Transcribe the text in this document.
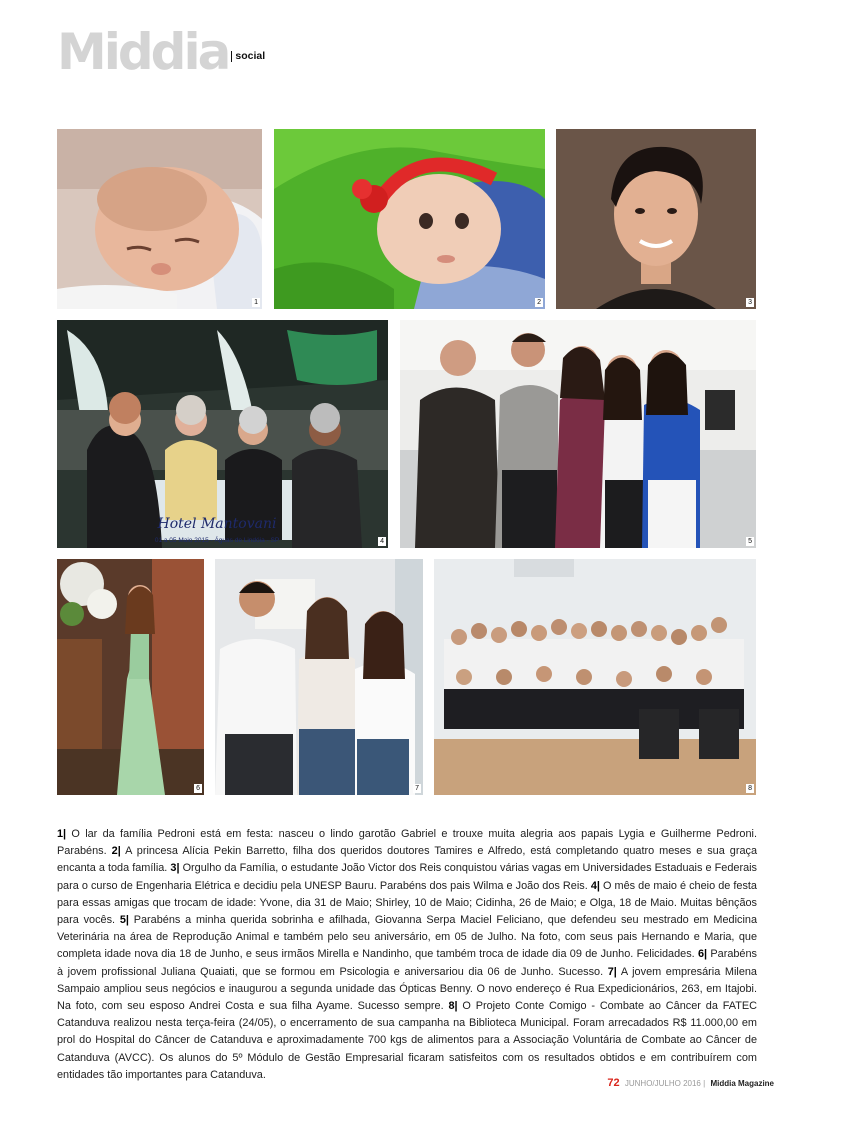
Middia social
1	2	3
Hotel Mantovani
01 a 05 Maio 2015 - Águas de Lindóia - SP	4	5
6	7	8
1| O lar da família Pedroni está em festa: nasceu o lindo garotão Gabriel e trouxe muita alegria aos papais Lygia e Guilherme Pedroni. Parabéns. 2| A princesa Alícia Pekin Barretto, filha dos queridos doutores Tamires e Alfredo, está completando quatro meses e sua graça encanta a toda família. 3| Orgulho da Família, o estudante João Victor dos Reis conquistou várias vagas em Universidades Estaduais e Federais para o curso de Engenharia Elétrica e decidiu pela UNESP Bauru. Parabéns dos pais Wilma e João dos Reis. 4| O mês de maio é cheio de festa para essas amigas que trocam de idade: Yvone, dia 31 de Maio; Shirley, 10 de Maio; Cidinha, 26 de Maio; e Olga, 18 de Maio. Muitas bênçãos para vocês. 5| Parabéns a minha querida sobrinha e afilhada, Giovanna Serpa Maciel Feliciano, que defendeu seu mestrado em Medicina Veterinária na área de Reprodução Animal e também pelo seu aniversário, em 05 de Julho. Na foto, com seus pais Hernando e Maria, que completa idade nova dia 18 de Junho, e seus irmãos Mirella e Nandinho, que também troca de idade dia 09 de Junho. Felicidades. 6| Parabéns à jovem profissional Juliana Quaiati, que se formou em Psicologia e aniversariou dia 06 de Junho. Sucesso. 7| A jovem empresária Milena Sampaio ampliou seus negócios e inaugurou a segunda unidade das Ópticas Benny. O novo endereço é Rua Expedicionários, 263, em Itajobi. Na foto, com seu esposo Andrei Costa e sua filha Ayame. Sucesso sempre. 8| O Projeto Conte Comigo - Combate ao Câncer da FATEC Catanduva realizou nesta terça-feira (24/05), o encerramento de sua campanha na Biblioteca Municipal. Foram arrecadados R$ 11.000,00 em prol do Hospital do Câncer de Catanduva e aproximadamente 700 kgs de alimentos para a Associação Voluntária de Combate ao Câncer de Catanduva (AVCC). Os alunos do 5º Módulo de Gestão Empresarial ficaram satisfeitos com os resultados obtidos e em contribuírem com entidades tão importantes para Catanduva.
72 JUNHO/JULHO 2016 | Middia Magazine
